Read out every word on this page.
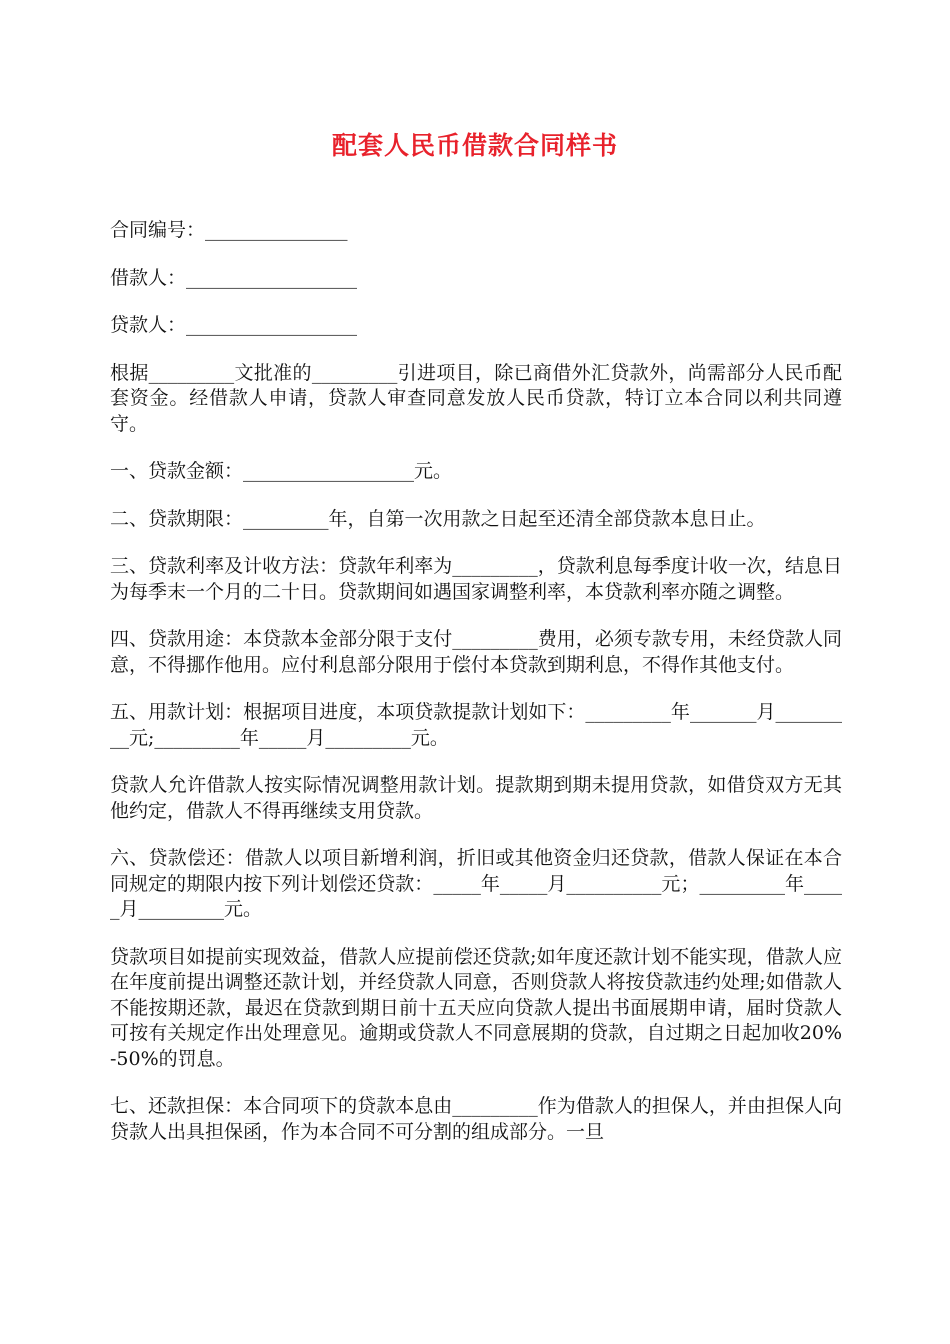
配套人民币借款合同样书
合同编号：_______________
借款人：__________________
贷款人：__________________

根据_________文批准的_________引进项目，除已商借外汇贷款外，尚需部分人民币配套资金。经借款人申请，贷款人审查同意发放人民币贷款，特订立本合同以利共同遵守。

一、贷款金额：__________________元。

二、贷款期限：_________年，自第一次用款之日起至还清全部贷款本息日止。

三、贷款利率及计收方法：贷款年利率为_________，贷款利息每季度计收一次，结息日为每季末一个月的二十日。贷款期间如遇国家调整利率，本贷款利率亦随之调整。

四、贷款用途：本贷款本金部分限于支付_________费用，必须专款专用，未经贷款人同意，不得挪作他用。应付利息部分限用于偿付本贷款到期利息，不得作其他支付。

五、用款计划：根据项目进度，本项贷款提款计划如下：_________年_______月_________元;_________年_____月_________元。

贷款人允许借款人按实际情况调整用款计划。提款期到期未提用贷款，如借贷双方无其他约定，借款人不得再继续支用贷款。

六、贷款偿还：借款人以项目新增利润，折旧或其他资金归还贷款，借款人保证在本合同规定的期限内按下列计划偿还贷款：_____年_____月__________元；_________年_____月_________元。

贷款项目如提前实现效益，借款人应提前偿还贷款;如年度还款计划不能实现，借款人应在年度前提出调整还款计划，并经贷款人同意，否则贷款人将按贷款违约处理;如借款人不能按期还款，最迟在贷款到期日前十五天应向贷款人提出书面展期申请，届时贷款人可按有关规定作出处理意见。逾期或贷款人不同意展期的贷款，自过期之日起加收20%-50%的罚息。

七、还款担保：本合同项下的贷款本息由_________作为借款人的担保人，并由担保人向贷款人出具担保函，作为本合同不可分割的组成部分。一旦
